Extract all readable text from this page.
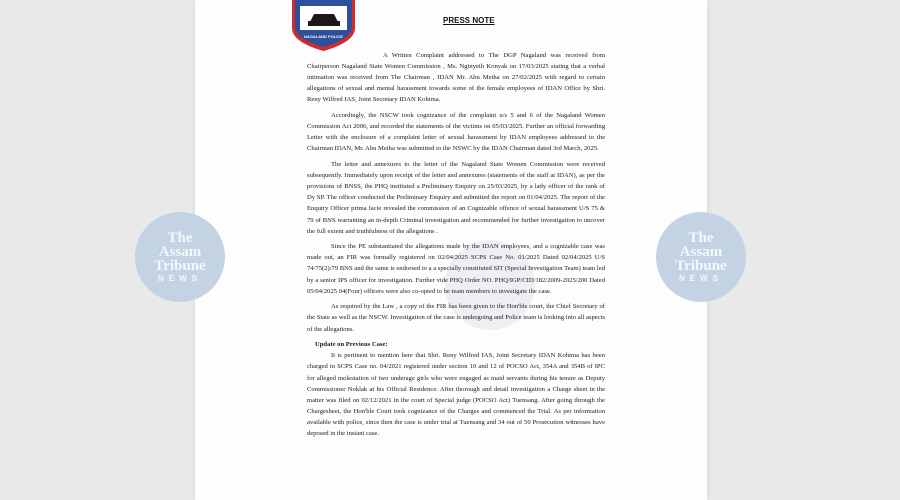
NAGALAND POLICE
PRESS NOTE

A Written Complaint addressed to The DGP Nagaland was received from Chairperson Nagaland State Women Commission , Ms. Nginyeih Konyak on 17/03/2025 stating that a verbal intimation was received from The Chairman , IDAN Mr. Abu Metha on 27/02/2025 with regard to certain allegations of sexual and mental harassment towards some of the female employees of IDAN Office by Shri. Reny Wilfred IAS, Joint Secretary IDAN Kohima.

Accordingly, the NSCW took cognizance of the complaint u/s 5 and 6 of the Nagaland Women Commission Act 2006, and recorded the statements of the victims on 05/03/2025. Further an official forwarding Letter with the enclosure of a complaint letter of sexual harassment by IDAN employees addressed to the Chairman IDAN, Mr. Abu Metha was submitted to the NSWC by the IDAN Chairman dated 3rd March, 2025.

The letter and annexures to the letter of the Nagaland State Women Commission were received subsequently. Immediately upon receipt of the letter and annexures (statements of the staff at IDAN), as per the provisions of BNSS, the PHQ instituted a Preliminary Enquiry on 25/03/2025, by a lady officer of the rank of Dy SP. The officer conducted the Preliminary Enquiry and submitted the report on 01/04/2025. The report of the Enquiry Officer prima facie revealed the commission of an Cognizable offence of sexual harassment U/S 75 & 79 of BNS warranting an in-depth Criminal investigation and recommended for further investigation to uncover the full extent and truthfulness of the allegations .

Since the PE substantiated the allegations made by the IDAN employees, and a cognizable case was made out, an FIR was formally registered on 02/04/2025 SCPS Case No. 01/2025 Dated 02/04/2025 U/S 74/75(2)/79 BNS and the same is endorsed to a a specially constituted SIT (Special Investigation Team) team led by a senior IPS officer for investigation. Further vide PHQ Order NO. PHQ/IGP/CID/182/2009-2025/200 Dated 05/04/2025 04(Four) officers were also co-opted to be team members to investigate the case.

As required by the Law , a copy of the FIR has been given to the Hon'ble court, the Chief Secretary of the State as well as the NSCW. Investigation of the case is undergoing and Police team is looking into all aspects of the allegations.

Update on Previous Case:

It is pertinent to mention here that Shri. Reny Wilfred IAS, Joint Secretary IDAN Kohima has been charged in SCPS Case no. 04/2021 registered under section 10 and 12 of POCSO Act, 354A and 354B of IPC for alleged molestation of two underage girls who were engaged as maid servants during his tenure as Deputy Commissioner Noklak at his Official Residence. After thorough and detail investigation a Charge sheet in the matter was filed on 02/12/2021 in the court of Special judge (POCSO Act) Tuensang. After going through the Chargesheet, the Hon'ble Court took cognizance of the Charges and commenced the Trial. As per information available with police, since then the case is under trial at Tuensang and 34 out of 50 Prosecution witnesses have deposed in the instant case.

The
Assam
Tribune
NEWS
The
Assam
Tribune
NEWS
